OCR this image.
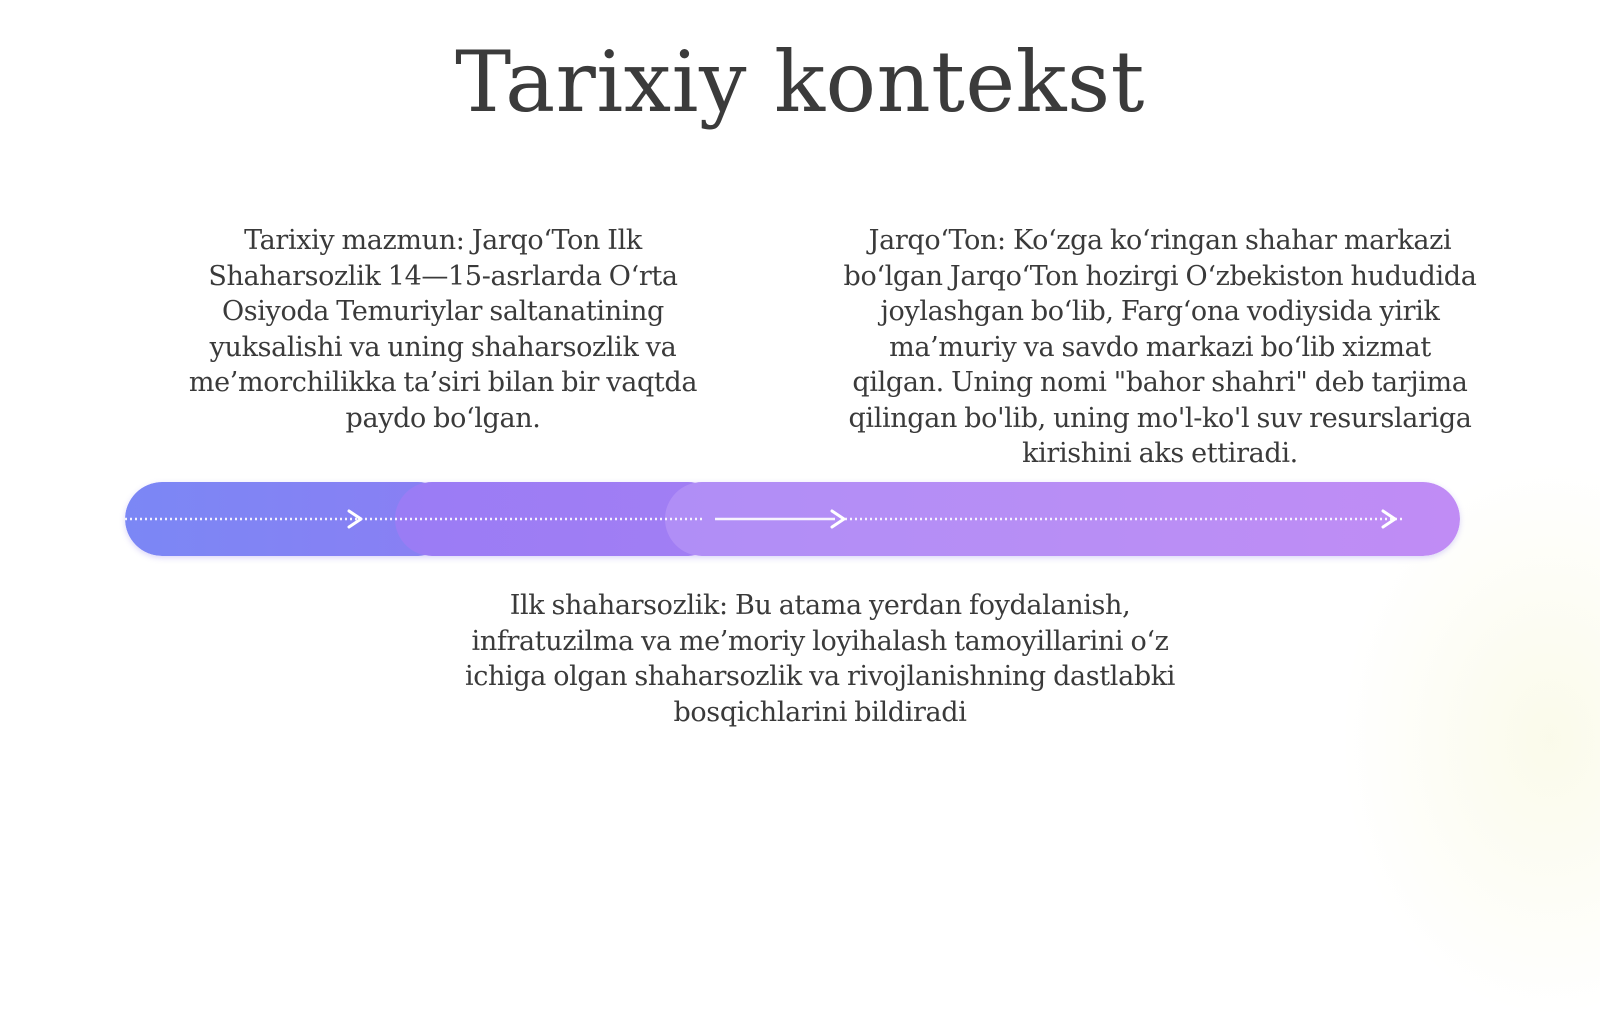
Tarixiy kontekst
Tarixiy mazmun: Jarqo‘Ton Ilk Shaharsozlik 14—15-asrlarda O‘rta Osiyoda Temuriylar saltanatining yuksalishi va uning shaharsozlik va me’morchilikka ta’siri bilan bir vaqtda paydo bo‘lgan.
Jarqo‘Ton: Ko‘zga ko‘ringan shahar markazi bo‘lgan Jarqo‘Ton hozirgi O‘zbekiston hududida joylashgan bo‘lib, Farg‘ona vodiysida yirik ma’muriy va savdo markazi bo‘lib xizmat qilgan. Uning nomi "bahor shahri" deb tarjima qilingan bo'lib, uning mo'l-ko'l suv resurslariga kirishini aks ettiradi.
Ilk shaharsozlik: Bu atama yerdan foydalanish, infratuzilma va me’moriy loyihalash tamoyillarini o‘z ichiga olgan shaharsozlik va rivojlanishning dastlabki bosqichlarini bildiradi
